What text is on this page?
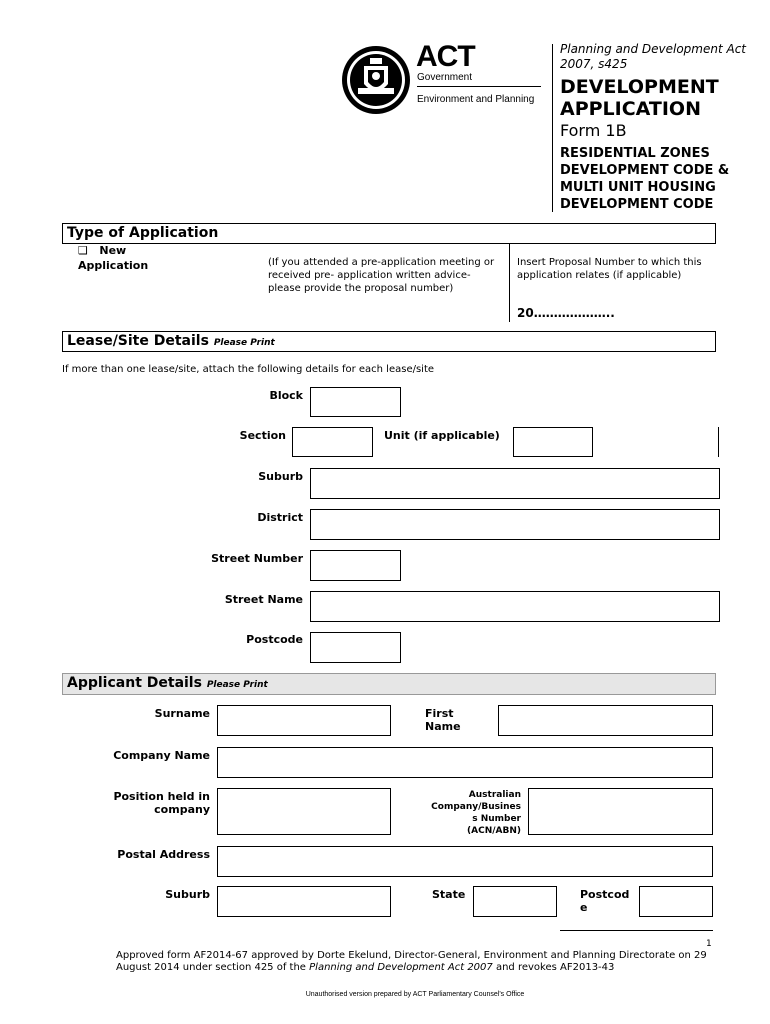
ACT
Government
Environment and Planning
Planning and Development Act 2007, s425
DEVELOPMENT
APPLICATION
Form 1B
RESIDENTIAL ZONES DEVELOPMENT CODE & MULTI UNIT HOUSING DEVELOPMENT CODE
Type of Application
❑ New
Application	(If you attended a pre-application meeting or received pre- application written advice- please provide the proposal number)
Insert Proposal Number to which this application relates (if applicable)
20………………..
Lease/Site Details Please Print
If more than one lease/site, attach the following details for each lease/site
Block
Section	Unit (if applicable)
Suburb
District
Street Number
Street Name
Postcode
Applicant Details Please Print
Surname	First
Name
Company Name
Position held in
company
Australian
Company/Busines
s Number
(ACN/ABN)
Postal Address
Suburb	State	Postcod
e
1
Approved form AF2014-67 approved by Dorte Ekelund, Director-General, Environment and Planning Directorate on 29 August 2014 under section 425 of the Planning and Development Act 2007 and revokes AF2013-43
Unauthorised version prepared by ACT Parliamentary Counsel's Office
